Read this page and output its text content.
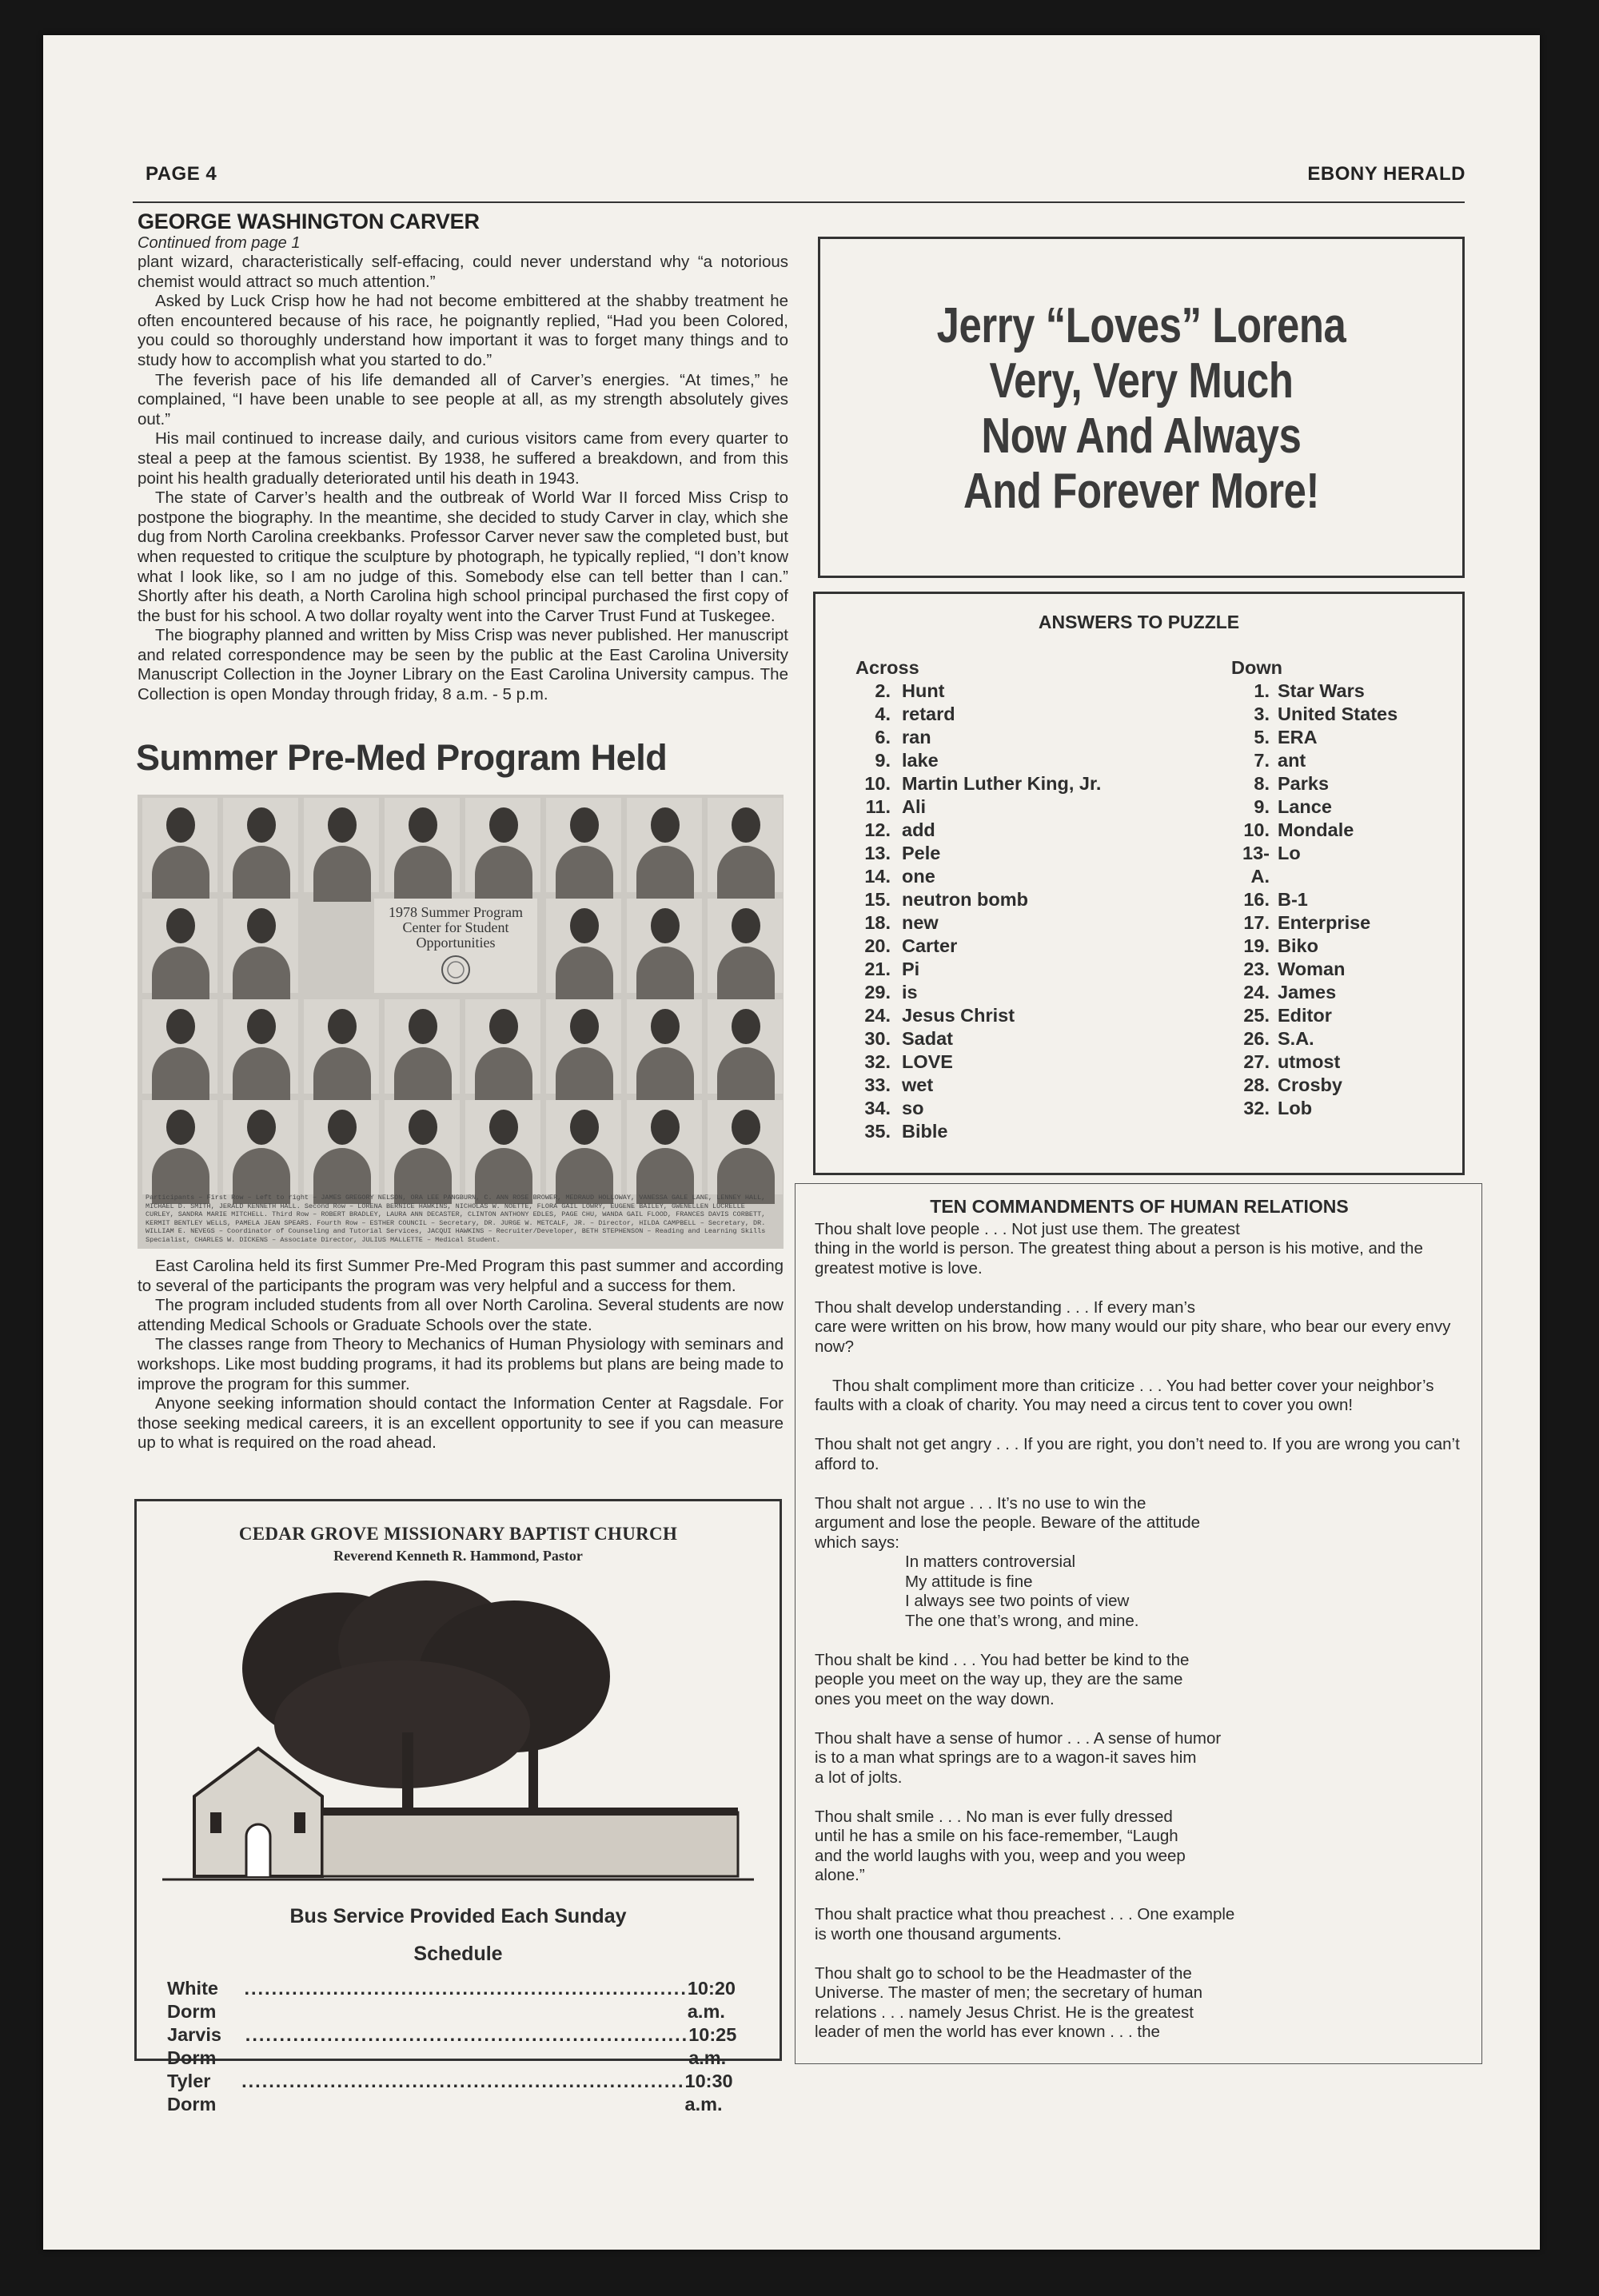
PAGE 4	EBONY HERALD
GEORGE WASHINGTON CARVER
Continued from page 1

plant wizard, characteristically self-effacing, could never understand why “a notorious chemist would attract so much attention.”

Asked by Luck Crisp how he had not become embittered at the shabby treatment he often encountered because of his race, he poignantly replied, “Had you been Colored, you could so thoroughly understand how important it was to forget many things and to study how to accomplish what you started to do.”

The feverish pace of his life demanded all of Carver’s energies. “At times,” he complained, “I have been unable to see people at all, as my strength absolutely gives out.”

His mail continued to increase daily, and curious visitors came from every quarter to steal a peep at the famous scientist. By 1938, he suffered a breakdown, and from this point his health gradually deteriorated until his death in 1943.

The state of Carver’s health and the outbreak of World War II forced Miss Crisp to postpone the biography. In the meantime, she decided to study Carver in clay, which she dug from North Carolina creekbanks. Professor Carver never saw the completed bust, but when requested to critique the sculpture by photograph, he typically replied, “I don’t know what I look like, so I am no judge of this. Somebody else can tell better than I can.” Shortly after his death, a North Carolina high school principal purchased the first copy of the bust for his school. A two dollar royalty went into the Carver Trust Fund at Tuskegee.

The biography planned and written by Miss Crisp was never published. Her manuscript and related correspondence may be seen by the public at the East Carolina University Manuscript Collection in the Joyner Library on the East Carolina University campus. The Collection is open Monday through friday, 8 a.m. - 5 p.m.

Summer Pre-Med Program Held
1978 Summer Program
Center for Student
Opportunities
Participants – First Row – Left to right – JAMES GREGORY NELSON, ORA LEE PANGBURN, C. ANN ROSE BROWER, MEDRAUD HOLLOWAY, VANESSA GALE LANE, LENNEY HALL, MICHAEL D. SMITH, JERALD KENNETH HALL. Second Row – LORENA BERNICE HAWKINS, NICHOLAS W. NOETTE, FLORA GAIL LOWRY, EUGENE BAILEY, GWENELLEN LUCRELLE CURLEY, SANDRA MARIE MITCHELL. Third Row – ROBERT BRADLEY, LAURA ANN DECASTER, CLINTON ANTHONY EDLES, PAGE CHU, WANDA GAIL FLOOD, FRANCES DAVIS CORBETT, KERMIT BENTLEY WELLS, PAMELA JEAN SPEARS. Fourth Row – ESTHER COUNCIL – Secretary, DR. JURGE W. METCALF, JR. – Director, HILDA CAMPBELL – Secretary, DR. WILLIAM E. NEVEGS – Coordinator of Counseling and Tutorial Services, JACQUI HAWKINS – Recruiter/Developer, BETH STEPHENSON – Reading and Learning Skills Specialist, CHARLES W. DICKENS – Associate Director, JULIUS MALLETTE – Medical Student.

East Carolina held its first Summer Pre-Med Program this past summer and according to several of the participants the program was very helpful and a success for them.

The program included students from all over North Carolina. Several students are now attending Medical Schools or Graduate Schools over the state.

The classes range from Theory to Mechanics of Human Physiology with seminars and workshops. Like most budding programs, it had its problems but plans are being made to improve the program for this summer.

Anyone seeking information should contact the Information Center at Ragsdale. For those seeking medical careers, it is an excellent opportunity to see if you can measure up to what is required on the road ahead.

CEDAR GROVE MISSIONARY BAPTIST CHURCH
Reverend Kenneth R. Hammond, Pastor
Bus Service Provided Each Sunday
Schedule
White Dorm
................................................................. 10:20 a.m.
Jarvis Dorm
................................................................. 10:25 a.m.
Tyler Dorm
................................................................. 10:30 a.m.
Jerry “Loves” Lorena
Very, Very Much
Now And Always
And Forever More!
ANSWERS TO PUZZLE
Across
2. Hunt
4. retard
6. ran
9. lake
10. Martin Luther King, Jr.
11. Ali
12. add
13. Pele
14. one
15. neutron bomb
18. new
20. Carter
21. Pi
29. is
24. Jesus Christ
30. Sadat
32. LOVE
33. wet
34. so
35. Bible
Down
1. Star Wars
3. United States
5. ERA
7. ant
8. Parks
9. Lance
10. Mondale
13-A.
Lo
16. B-1
17. Enterprise
19. Biko
23. Woman
24. James
25. Editor
26. S.A.
27. utmost
28. Crosby
32. Lob
TEN COMMANDMENTS OF HUMAN RELATIONS

Thou shalt love people . . . Not just use them. The greatest
thing in the world is person. The greatest thing about a person is his motive, and the greatest motive is love.

Thou shalt develop understanding . . . If every man’s
care were written on his brow, how many would our pity share, who bear our every envy now?

Thou shalt compliment more than criticize . . . You had better cover your neighbor’s faults with a cloak of charity. You may need a circus tent to cover you own!

Thou shalt not get angry . . . If you are right, you don’t need to. If you are wrong you can’t afford to.

Thou shalt not argue . . . It’s no use to win the
argument and lose the people. Beware of the attitude
which says:

In matters controversial
My attitude is fine
I always see two points of view
The one that’s wrong, and mine.

Thou shalt be kind . . . You had better be kind to the
people you meet on the way up, they are the same
ones you meet on the way down.

Thou shalt have a sense of humor . . . A sense of humor
is to a man what springs are to a wagon-it saves him
a lot of jolts.

Thou shalt smile . . . No man is ever fully dressed
until he has a smile on his face-remember, “Laugh
and the world laughs with you, weep and you weep
alone.”

Thou shalt practice what thou preachest . . . One example
is worth one thousand arguments.

Thou shalt go to school to be the Headmaster of the
Universe. The master of men; the secretary of human
relations . . . namely Jesus Christ. He is the greatest
leader of men the world has ever known . . . the
